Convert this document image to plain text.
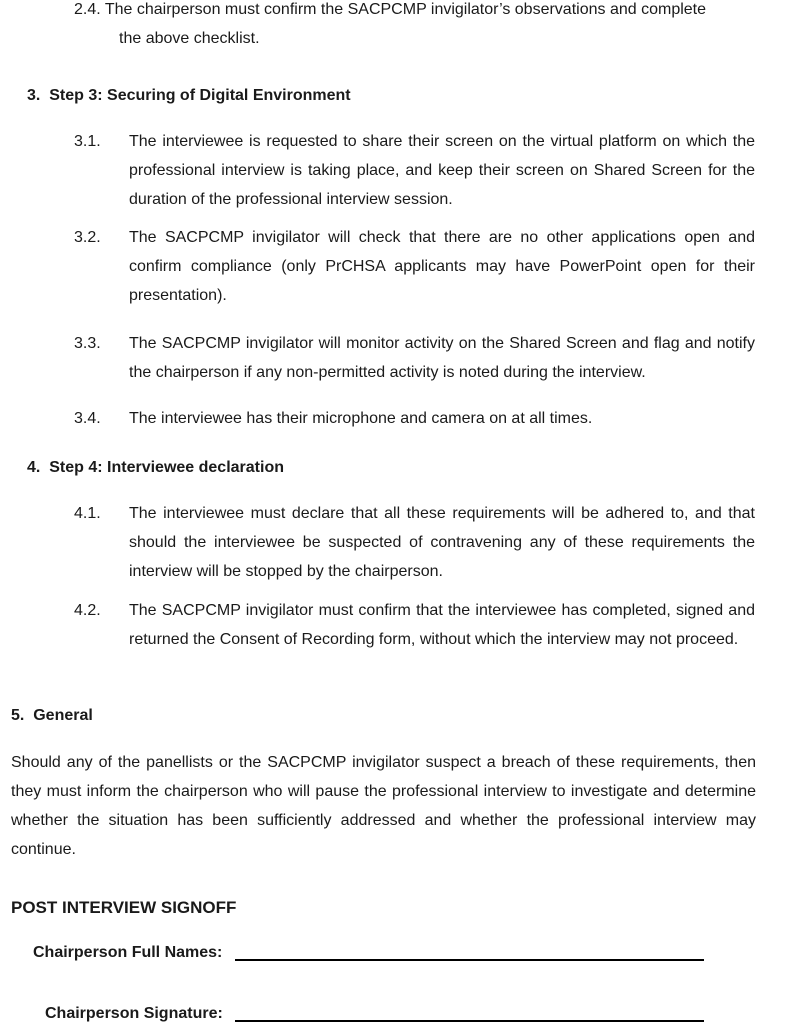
2.4. The chairperson must confirm the SACPCMP invigilator’s observations and complete
the above checklist.
3.  Step 3: Securing of Digital Environment
3.1. The interviewee is requested to share their screen on the virtual platform on which the professional interview is taking place, and keep their screen on Shared Screen for the duration of the professional interview session.
3.2. The SACPCMP invigilator will check that there are no other applications open and confirm compliance (only PrCHSA applicants may have PowerPoint open for their presentation).
3.3. The SACPCMP invigilator will monitor activity on the Shared Screen and flag and notify the chairperson if any non-permitted activity is noted during the interview.
3.4. The interviewee has their microphone and camera on at all times.
4.  Step 4: Interviewee declaration
4.1. The interviewee must declare that all these requirements will be adhered to, and that should the interviewee be suspected of contravening any of these requirements the interview will be stopped by the chairperson.
4.2. The SACPCMP invigilator must confirm that the interviewee has completed, signed and returned the Consent of Recording form, without which the interview may not proceed.
5.  General
Should any of the panellists or the SACPCMP invigilator suspect a breach of these requirements, then they must inform the chairperson who will pause the professional interview to investigate and determine whether the situation has been sufficiently addressed and whether the professional interview may continue.
POST INTERVIEW SIGNOFF
Chairperson Full Names:
Chairperson Signature:
